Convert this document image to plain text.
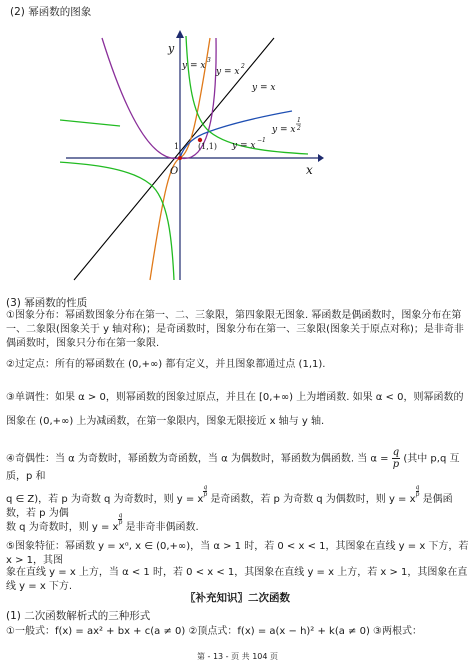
(2) 幂函数的图象
y
x
O
1 (1,1)
y = x
3
y = x
2
y = x
y = x
1
2
y = x
−1
(3) 幂函数的性质
①图象分布：幂函数图象分布在第一、二、三象限，第四象限无图象. 幂函数是偶函数时，图象分布在第一、二象限(图象关于 y 轴对称)；是奇函数时，图象分布在第一、三象限(图象关于原点对称)；是非奇非偶函数时，图象只分布在第一象限.
②过定点：所有的幂函数在 (0,+∞) 都有定义，并且图象都通过点 (1,1).
③单调性：如果 α > 0，则幂函数的图象过原点，并且在 [0,+∞) 上为增函数. 如果 α < 0，则幂函数的图象在 (0,+∞) 上为减函数，在第一象限内，图象无限接近 x 轴与 y 轴.
④奇偶性：当 α 为奇数时，幂函数为奇函数，当 α 为偶数时，幂函数为偶函数. 当 $\alpha = \frac{q}{p}$ (其中 p,q 互质，p 和
q ∈ Z)，若 p 为奇数 q 为奇数时，则 y = x
$\frac{q}{p}$
是奇函数，若 p 为奇数 q 为偶数时，则 y = x
$\frac{q}{p}$
是偶函数，若 p 为偶
数 q 为奇数时，则 y = x
$\frac{q}{p}$
是非奇非偶函数.
⑤图象特征：幂函数 y = xᵅ, x ∈ (0,+∞)，当 α > 1 时，若 0 < x < 1，其图象在直线 y = x 下方，若 x > 1，其图
象在直线 y = x 上方，当 α < 1 时，若 0 < x < 1，其图象在直线 y = x 上方，若 x > 1，其图象在直线 y = x 下方.
〖补充知识〗二次函数
(1) 二次函数解析式的三种形式
①一般式：f(x) = ax² + bx + c(a ≠ 0) ②顶点式：f(x) = a(x − h)² + k(a ≠ 0) ③两根式：
第 - 13 - 页 共 104 页
